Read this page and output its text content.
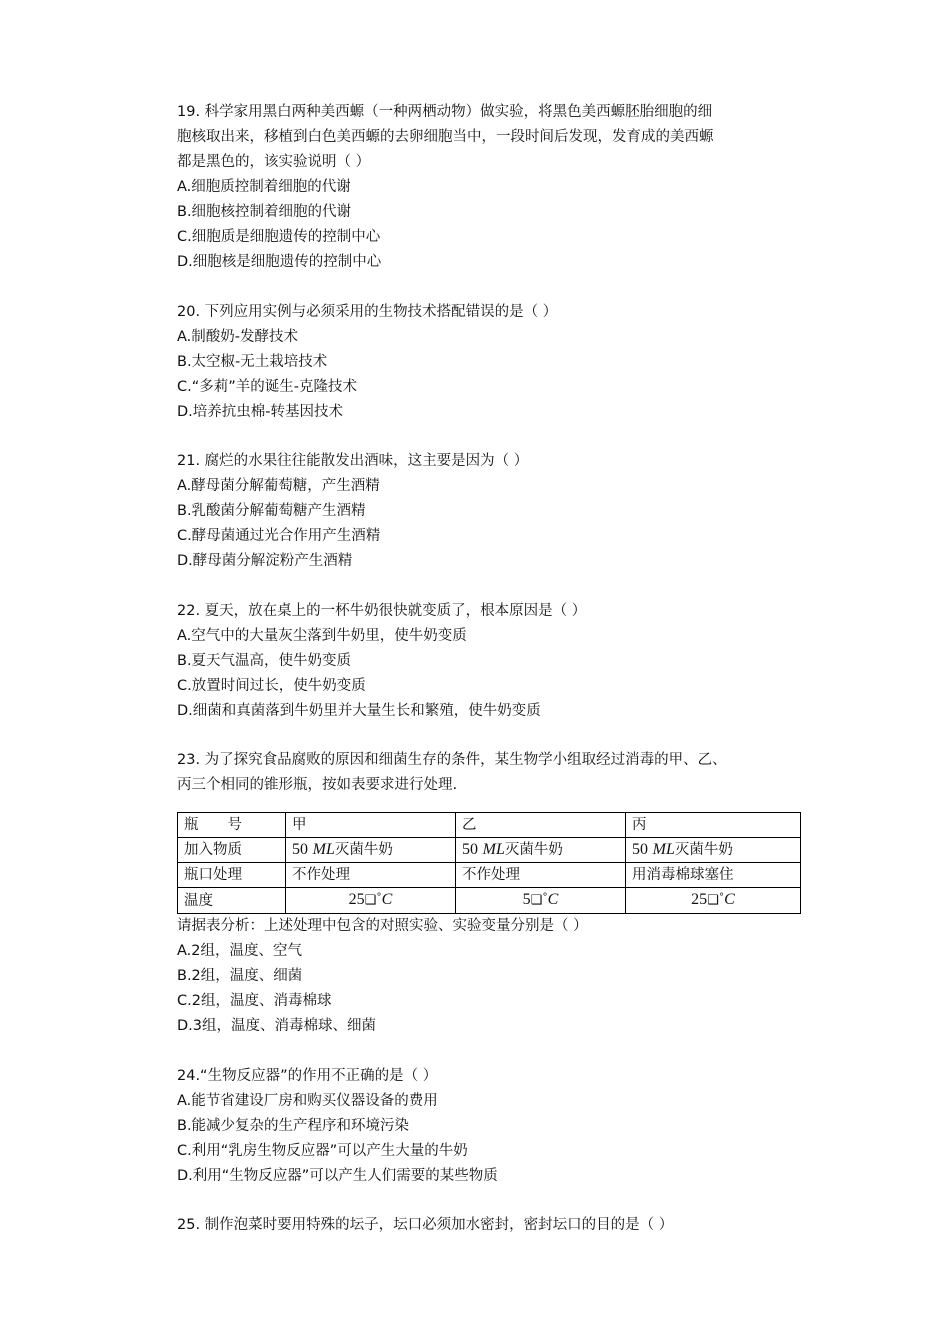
19. 科学家用黑白两种美西螈（一种两栖动物）做实验，将黑色美西螈胚胎细胞的细
胞核取出来，移植到白色美西螈的去卵细胞当中，一段时间后发现，发育成的美西螈
都是黑色的，该实验说明（ ）
A.细胞质控制着细胞的代谢
B.细胞核控制着细胞的代谢
C.细胞质是细胞遗传的控制中心
D.细胞核是细胞遗传的控制中心
20. 下列应用实例与必须采用的生物技术搭配错误的是（ ）
A.制酸奶-发酵技术
B.太空椒-无土栽培技术
C.“多莉”羊的诞生-克隆技术
D.培养抗虫棉-转基因技术
21. 腐烂的水果往往能散发出酒味，这主要是因为（ ）
A.酵母菌分解葡萄糖，产生酒精
B.乳酸菌分解葡萄糖产生酒精
C.酵母菌通过光合作用产生酒精
D.酵母菌分解淀粉产生酒精
22. 夏天，放在桌上的一杯牛奶很快就变质了，根本原因是（ ）
A.空气中的大量灰尘落到牛奶里，使牛奶变质
B.夏天气温高，使牛奶变质
C.放置时间过长，使牛奶变质
D.细菌和真菌落到牛奶里并大量生长和繁殖，使牛奶变质
23. 为了探究食品腐败的原因和细菌生存的条件，某生物学小组取经过消毒的甲、乙、
丙三个相同的锥形瓶，按如表要求进行处理.
瓶　　号	甲	乙	丙
加入物质	50 ML灭菌牛奶	50 ML灭菌牛奶	50 ML灭菌牛奶
瓶口处理	不作处理	不作处理	用消毒棉球塞住
温度	25❑˚C	5❑˚C	25❑˚C
请据表分析：上述处理中包含的对照实验、实验变量分别是（ ）
A.2组，温度、空气
B.2组，温度、细菌
C.2组，温度、消毒棉球
D.3组，温度、消毒棉球、细菌
24.“生物反应器”的作用不正确的是（ ）
A.能节省建设厂房和购买仪器设备的费用
B.能减少复杂的生产程序和环境污染
C.利用“乳房生物反应器”可以产生大量的牛奶
D.利用“生物反应器”可以产生人们需要的某些物质
25. 制作泡菜时要用特殊的坛子，坛口必须加水密封，密封坛口的目的是（ ）
